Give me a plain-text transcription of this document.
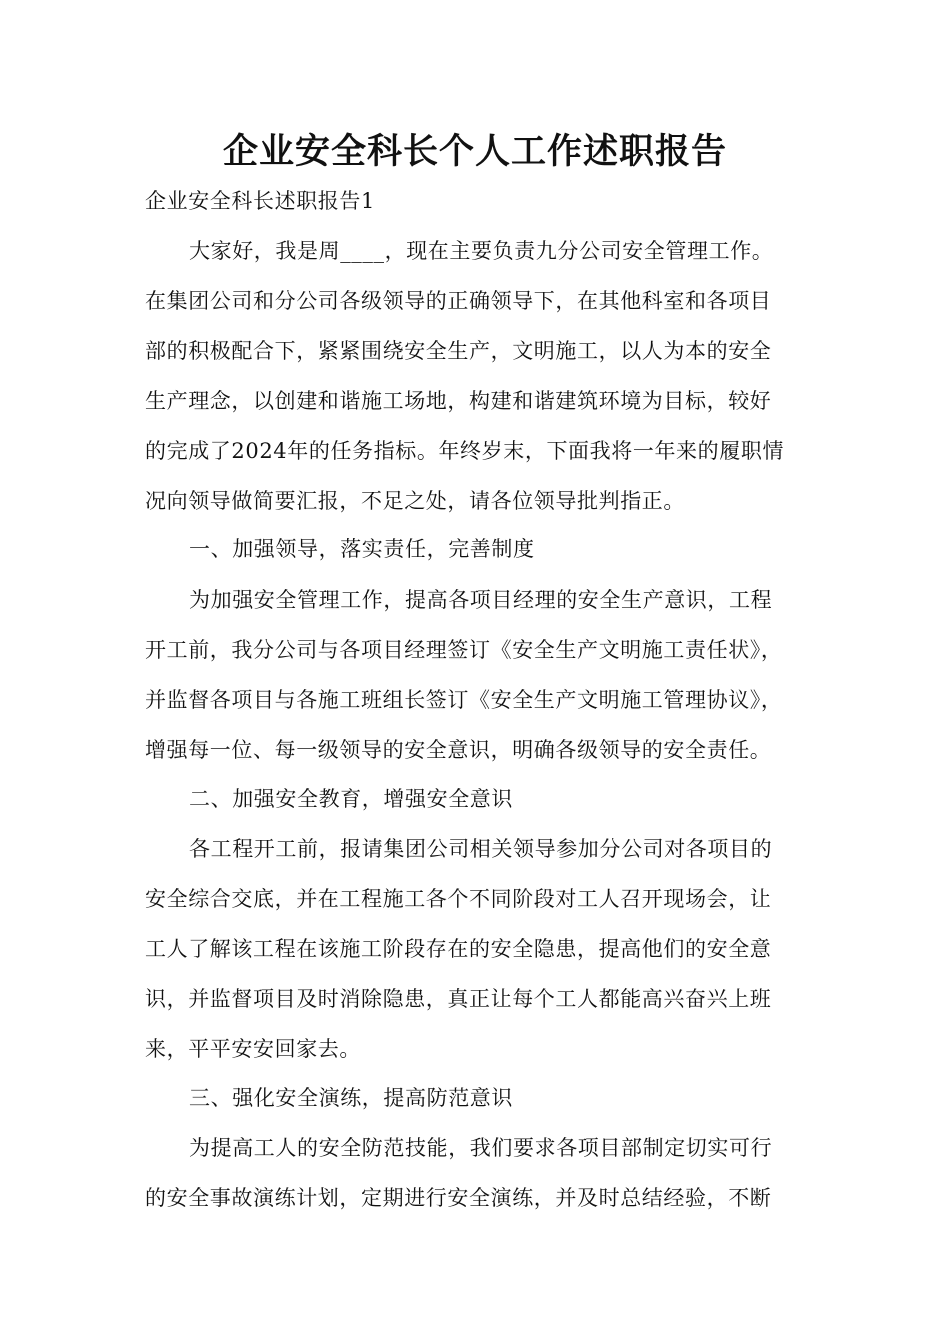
企业安全科长个人工作述职报告
企业安全科长述职报告1
大家好，我是周____，现在主要负责九分公司安全管理工作。
在集团公司和分公司各级领导的正确领导下，在其他科室和各项目
部的积极配合下，紧紧围绕安全生产，文明施工，以人为本的安全
生产理念，以创建和谐施工场地，构建和谐建筑环境为目标，较好
的完成了2024年的任务指标。年终岁末，下面我将一年来的履职情
况向领导做简要汇报，不足之处，请各位领导批判指正。
一、加强领导，落实责任，完善制度
为加强安全管理工作，提高各项目经理的安全生产意识，工程
开工前，我分公司与各项目经理签订《安全生产文明施工责任状》，
并监督各项目与各施工班组长签订《安全生产文明施工管理协议》，
增强每一位、每一级领导的安全意识，明确各级领导的安全责任。
二、加强安全教育，增强安全意识
各工程开工前，报请集团公司相关领导参加分公司对各项目的
安全综合交底，并在工程施工各个不同阶段对工人召开现场会，让
工人了解该工程在该施工阶段存在的安全隐患，提高他们的安全意
识，并监督项目及时消除隐患，真正让每个工人都能高兴奋兴上班
来，平平安安回家去。
三、强化安全演练，提高防范意识
为提高工人的安全防范技能，我们要求各项目部制定切实可行
的安全事故演练计划，定期进行安全演练，并及时总结经验，不断
